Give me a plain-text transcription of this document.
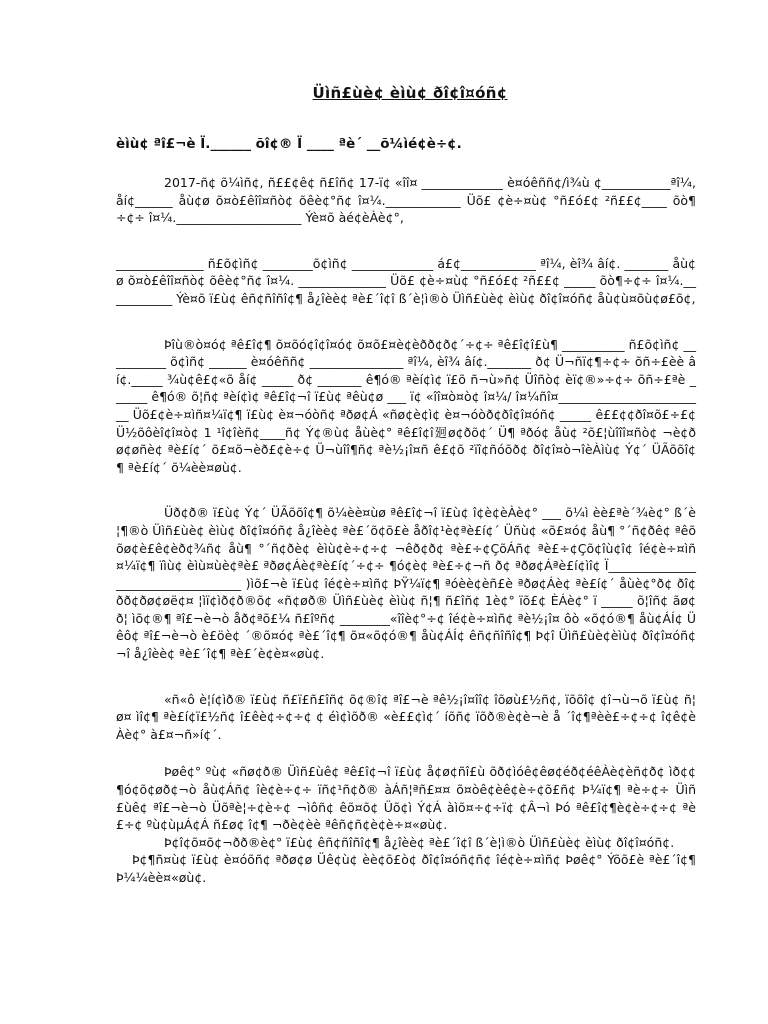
Üìñ£ùè¢ èìù¢ ðî¢î¤óñ¢
èìù¢ ªî£¬è Ï.______ õî¢® Ï ____ ªè´ __õ¼ìé¢è÷¢.

2017-ñ¢ õ¼ìñ¢, ñ££¢ê¢ ñ£îñ¢ 17-ï¢ «îî¤ _____________ è¤óêññ¢/ì¾ù ¢___________ªî¼, åí¢______ åù¢ø õ¤ò£êîî¤ñò¢ õêè¢°ñ¢ î¤¼.____________ Üõ£ ¢è÷¤ù¢ °ñ£ó£¢ ²ñ££¢____ õò¶÷¢÷ î¤¼.____________________ Ýè¤õ àé¢èÀè¢°,

______________ ñ£õ¢ìñ¢ ________õ¢ìñ¢ _____________ á£¢____________ ªî¼, èî¾ âí¢. _______ åù¢ø õ¤ò£êîî¤ñò¢ õêè¢°ñ¢ î¤¼. ______________ Üõ£ ¢è÷¤ù¢ °ñ£ó£¢ ²ñ££¢ _____ õò¶÷¢÷ î¤¼.___________ Ýè¤õ ï£ù¢ êñ¢ñîñî¢¶ å¿îèè¢ ªè£´î¢î ß´è¦ì®ò Üìñ£ùè¢ èìù¢ ðî¢î¤óñ¢ åù¢ù¤õù¢ø£õ¢,

Þîù®ò¤ó¢ ªê£î¢¶ õ¤õó¢î¢î¤ó¢ õ¤õ£¤è¢èðð¢ð¢´÷¢÷ ªê£î¢î£ù¶ __________ ñ£õ¢ìñ¢ __________ õ¢ìñ¢ ______ è¤óêññ¢ _______________ ªî¼, èî¾ âí¢._______ ð¢ Ü¬ñï¢¶÷¢÷ õñ÷£èè âí¢._____ ¾ù¢ê£¢«õ åí¢ _____ ð¢ _______ ê¶ó® ªèí¢ì¢ ï£õ ñ¬ù»ñ¢ Üîñò¢ èï¢®»÷¢÷ õñ÷£ªè ______ ê¶ó® õ¦ñ¢ ªèí¢ì¢ ªê£î¢¬î ï£ù¢ ªêù¢ø ___ ï¢ «îî¤ò¤ò¢ î¤¼/ î¤¼ñî¤________________________ Üõ£¢è÷¤ìñ¤¼ï¢¶ ï£ù¢ è¤¬óòñ¢ ªðø¢Á «ñø¢è¢ì¢ è¤¬óòð¢ðî¢î¤óñ¢ _____ ê££¢¢ðî¤õ£÷£¢ Ü½õôèî¢î¤ò¢ 1 ¹î¢îèñ¢____ñ¢ Ý¢®ù¢ åùè¢° ªê£î¢î㢠ø¢ðõ¢´ Ü¶ ªðó¢ åù¢ ²õ£¦ùîîî¤ñò¢ ¬è¢ðø¢øñè¢ ªè£í¢´ õ£¤õ¬èð£¢è÷¢ Ü¬ùîî¶ñ¢ ªè½¡î¤ñ ê£¢õ ²ïî¢ñóõð¢ ðî¢î¤ò¬îèÀìù¢ Ý¢´ ÜÃõõî¢¶ ªè£í¢´ õ¼èè¤øù¢.

Üð¢ð® ï£ù¢ Ý¢´ ÜÃõõî¢¶ õ¼èè¤ùø ªê£î¢¬î ï£ù¢ î¢è¢èÀè¢° ___ õ¼ì èè£ªè´¾è¢° ß´è¦¶®ò Üìñ£ùè¢ èìù¢ ðî¢î¤óñ¢ å¿îèè¢ ªè£´õ¢õ£è åðî¢¹è¢ªè£í¢´ Üñù¢ «õ£¤ó¢ åù¶ °´ñ¢ðê¢ ªêõõø¢è£ê¢èð¢¾ñ¢ åù¶ °´ñ¢ðè¢ èìù¢è÷¢÷¢ ¬êð¢ð¢ ªè£÷¢ÇõÁñ¢ ªè£÷¢Çõ¢îù¢î¢ îé¢è÷¤ìñ¤¼ï¢¶ ïìù¢ èìù¤ùè¢ªè£ ªðø¢Áè¢ªè£í¢´÷¢÷ ¶ó¢è¢ ªè£÷¢¬ñ ð¢ ªðø¢Áªè£í¢ìî¢ Ï__________________________________ )ìõ£¬è ï£ù¢ îé¢è÷¤ìñ¢ ÞŸ¼ï¢¶ ªóèè¢èñ£è ªðø¢Áè¢ ªè£í¢´ åùè¢°ð¢ ðî¢ðð¢ðø¢øë¢¤ ¦ìï¢ìð¢ð®õ¢ «ñ¢øð® Üìñ£ùè¢ èìù¢ ñ¦¶ ñ£îñ¢ 1è¢° ïõ£¢ ÈÁè¢° ï _____ õ¦îñ¢ ãø¢ð¦ ìõ¢®¶ ªî£¬è¬ò åð¢ªõ£¼ ñ£îºñ¢ ________«îîè¢°÷¢ îé¢è÷¤ìñ¢ ªè½¡î¤ ôò «õ¢ó®¶ åù¢ÁÍ¢ Üêô¢ ªî£¬è¬ò è£öè¢ ´®õ¤ó¢ ªè£´î¢¶ õ¤«õ¢ó®¶ åù¢ÁÍ¢ êñ¢ñîñî¢¶ Þ¢î Üìñ£ùè¢èìù¢ ðî¢î¤óñ¢¬î å¿îèè¢ ªè£´î¢¶ ªè£´è¢è¤«øù¢.

«ñ«ô è¦í¢ìð® ï£ù¢ ñ£ï£ñ£îñ¢ õ¢®î¢ ªî£¬è ªê½¡î¤îî¢ îõøù£½ñ¢, ïõõî¢ ¢î¬ù¬õ ï£ù¢ ñ¦ø¤ ìî¢¶ ªè£í¢ï£½ñ¢ î£êè¢÷¢÷¢ ¢ éì¢ìõð® «è££¢ì¢´ íõñ¢ ïõð®è¢è¬è å ´î¢¶ªèè£÷¢÷¢ î¢ê¢èÀè¢° à£¤¬ñ»í¢´.

Þøê¢° ºù¢ «ñø¢ð® Üìñ£ùê¢ ªê£î¢¬î ï£ù¢ å¢ø¢ñî£ù õð¢ìóê¢êø¢éð¢éêÀè¢èñ¢ð¢ ìð¢¢¶ó¢õ¢øð¢¬ò åù¢Áñ¢ îè¢è÷¢÷ ïñ¢¹ñ¢ð® àÁñ¦ªñ£¤¤ õ¤òê¢èê¢è÷¢õ£ñ¢ Þ¼ï¢¶ ªè÷¢÷ Üìñ£ùê¢ ªî£¬è¬ò Üõªè¦÷¢è÷¢ ¬ìôñ¢ êõ¤õ¢ Üõ¢ì Ý¢Á àìõ¤÷¢÷ï¢ ¢Â¬ì Þó ªê£î¢¶è¢è÷¢÷¢ ªè£÷¢ ºù¢ùµÁ¢Á ñ£ø¢ î¢¶ ¬ðè¢èè ªêñ¢ñ¢è¢è÷¤«øù¢.

Þ¢î¢õ¤õ¢¬ðð®è¢° ï£ù¢ êñ¢ñîñî¢¶ å¿îèè¢ ªè£´î¢î ß´è¦ì®ò Üìñ£ùè¢ èìù¢ ðî¢î¤óñ¢.

Þ¢¶ñ¤ù¢ ï£ù¢ è¤óõñ¢ ªðø¢ø Üê¢ù¢ èè¢õ£ò¢ ðî¢î¤óñ¢ñ¢ îé¢è÷¤ìñ¢ Þøê¢° Ýõõ£è ªè£´î¢¶ Þ¼¼èè¤«øù¢.
